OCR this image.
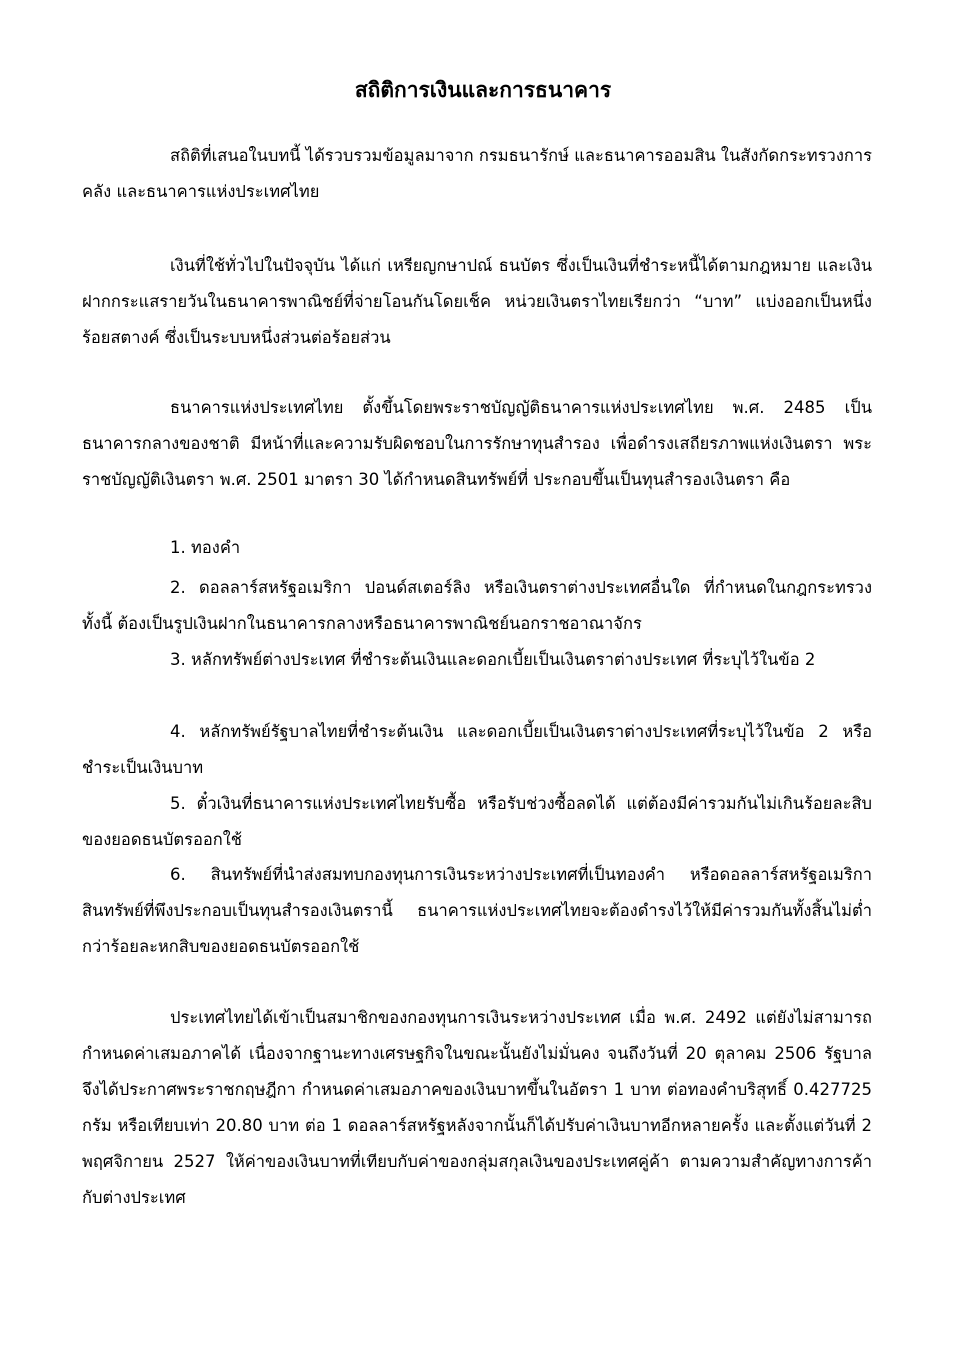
สถิติการเงินและการธนาคาร

สถิติที่เสนอในบทนี้ ได้รวบรวมข้อมูลมาจาก กรมธนารักษ์ และธนาคารออมสิน ในสังกัดกระทรวงการคลัง และธนาคารแห่งประเทศไทย

เงินที่ใช้ทั่วไปในปัจจุบัน ได้แก่ เหรียญกษาปณ์ ธนบัตร ซึ่งเป็นเงินที่ชำระหนี้ได้ตามกฎหมาย และเงินฝากกระแสรายวันในธนาคารพาณิชย์ที่จ่ายโอนกันโดยเช็ค หน่วยเงินตราไทยเรียกว่า “บาท” แบ่งออกเป็นหนึ่งร้อยสตางค์ ซึ่งเป็นระบบหนึ่งส่วนต่อร้อยส่วน

ธนาคารแห่งประเทศไทย ตั้งขึ้นโดยพระราชบัญญัติธนาคารแห่งประเทศไทย พ.ศ. 2485 เป็นธนาคารกลางของชาติ มีหน้าที่และความรับผิดชอบในการรักษาทุนสำรอง เพื่อดำรงเสถียรภาพแห่งเงินตรา พระราชบัญญัติเงินตรา พ.ศ. 2501 มาตรา 30 ได้กำหนดสินทรัพย์ที่ ประกอบขึ้นเป็นทุนสำรองเงินตรา คือ

1. ทองคำ

2. ดอลลาร์สหรัฐอเมริกา ปอนด์สเตอร์ลิง หรือเงินตราต่างประเทศอื่นใด ที่กำหนดในกฎกระทรวง ทั้งนี้ ต้องเป็นรูปเงินฝากในธนาคารกลางหรือธนาคารพาณิชย์นอกราชอาณาจักร

3. หลักทรัพย์ต่างประเทศ ที่ชำระต้นเงินและดอกเบี้ยเป็นเงินตราต่างประเทศ ที่ระบุไว้ในข้อ 2

4. หลักทรัพย์รัฐบาลไทยที่ชำระต้นเงิน และดอกเบี้ยเป็นเงินตราต่างประเทศที่ระบุไว้ในข้อ 2 หรือชำระเป็นเงินบาท

5. ตั๋วเงินที่ธนาคารแห่งประเทศไทยรับซื้อ หรือรับช่วงซื้อลดได้ แต่ต้องมีค่ารวมกันไม่เกินร้อยละสิบของยอดธนบัตรออกใช้

6. สินทรัพย์ที่นำส่งสมทบกองทุนการเงินระหว่างประเทศที่เป็นทองคำ หรือดอลลาร์สหรัฐอเมริกา สินทรัพย์ที่พึงประกอบเป็นทุนสำรองเงินตรานี้ ธนาคารแห่งประเทศไทยจะต้องดำรงไว้ให้มีค่ารวมกันทั้งสิ้นไม่ต่ำกว่าร้อยละหกสิบของยอดธนบัตรออกใช้

ประเทศไทยได้เข้าเป็นสมาชิกของกองทุนการเงินระหว่างประเทศ เมื่อ พ.ศ. 2492 แต่ยังไม่สามารถกำหนดค่าเสมอภาคได้ เนื่องจากฐานะทางเศรษฐกิจในขณะนั้นยังไม่มั่นคง จนถึงวันที่ 20 ตุลาคม 2506 รัฐบาลจึงได้ประกาศพระราชกฤษฎีกา กำหนดค่าเสมอภาคของเงินบาทขึ้นในอัตรา 1 บาท ต่อทองคำบริสุทธิ์ 0.427725 กรัม หรือเทียบเท่า 20.80 บาท ต่อ 1 ดอลลาร์สหรัฐหลังจากนั้นก็ได้ปรับค่าเงินบาทอีกหลายครั้ง และตั้งแต่วันที่ 2 พฤศจิกายน 2527 ให้ค่าของเงินบาทที่เทียบกับค่าของกลุ่มสกุลเงินของประเทศคู่ค้า ตามความสำคัญทางการค้ากับต่างประเทศ
